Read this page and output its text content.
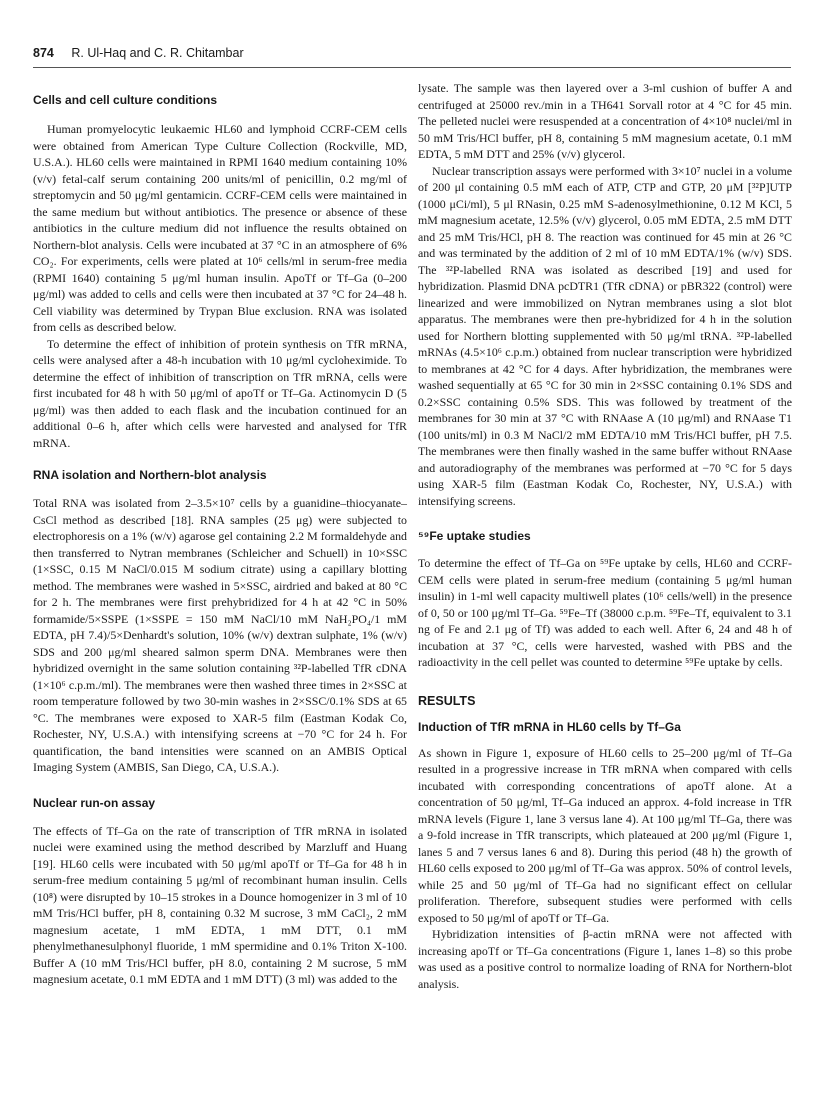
874 R. Ul-Haq and C. R. Chitambar
Cells and cell culture conditions

Human promyelocytic leukaemic HL60 and lymphoid CCRF-CEM cells were obtained from American Type Culture Collection (Rockville, MD, U.S.A.). HL60 cells were maintained in RPMI 1640 medium containing 10% (v/v) fetal-calf serum containing 200 units/ml of penicillin, 0.2 mg/ml of streptomycin and 50 μg/ml gentamicin. CCRF-CEM cells were maintained in the same medium but without antibiotics. The presence or absence of these antibiotics in the culture medium did not influence the results obtained on Northern-blot analysis. Cells were incubated at 37 °C in an atmosphere of 6% CO₂. For experiments, cells were plated at 10⁶ cells/ml in serum-free media (RPMI 1640) containing 5 μg/ml human insulin. ApoTf or Tf–Ga (0–200 μg/ml) was added to cells and cells were then incubated at 37 °C for 24–48 h. Cell viability was determined by Trypan Blue exclusion. RNA was isolated from cells as described below.

To determine the effect of inhibition of protein synthesis on TfR mRNA, cells were analysed after a 48-h incubation with 10 μg/ml cycloheximide. To determine the effect of inhibition of transcription on TfR mRNA, cells were first incubated for 48 h with 50 μg/ml of apoTf or Tf–Ga. Actinomycin D (5 μg/ml) was then added to each flask and the incubation continued for an additional 0–6 h, after which cells were harvested and analysed for TfR mRNA.

RNA isolation and Northern-blot analysis

Total RNA was isolated from 2–3.5×10⁷ cells by a guanidine–thiocyanate–CsCl method as described [18]. RNA samples (25 μg) were subjected to electrophoresis on a 1% (w/v) agarose gel containing 2.2 M formaldehyde and then transferred to Nytran membranes (Schleicher and Schuell) in 10×SSC (1×SSC, 0.15 M NaCl/0.015 M sodium citrate) using a capillary blotting method. The membranes were washed in 5×SSC, airdried and baked at 80 °C for 2 h. The membranes were first prehybridized for 4 h at 42 °C in 50% formamide/5×SSPE (1×SSPE = 150 mM NaCl/10 mM NaH₂PO₄/1 mM EDTA, pH 7.4)/5×Denhardt's solution, 10% (w/v) dextran sulphate, 1% (w/v) SDS and 200 μg/ml sheared salmon sperm DNA. Membranes were then hybridized overnight in the same solution containing ³²P-labelled TfR cDNA (1×10⁶ c.p.m./ml). The membranes were then washed three times in 2×SSC at room temperature followed by two 30-min washes in 2×SSC/0.1% SDS at 65 °C. The membranes were exposed to XAR-5 film (Eastman Kodak Co, Rochester, NY, U.S.A.) with intensifying screens at −70 °C for 24 h. For quantification, the band intensities were scanned on an AMBIS Optical Imaging System (AMBIS, San Diego, CA, U.S.A.).

Nuclear run-on assay

The effects of Tf–Ga on the rate of transcription of TfR mRNA in isolated nuclei were examined using the method described by Marzluff and Huang [19]. HL60 cells were incubated with 50 μg/ml apoTf or Tf–Ga for 48 h in serum-free medium containing 5 μg/ml of recombinant human insulin. Cells (10⁸) were disrupted by 10–15 strokes in a Dounce homogenizer in 3 ml of 10 mM Tris/HCl buffer, pH 8, containing 0.32 M sucrose, 3 mM CaCl₂, 2 mM magnesium acetate, 1 mM EDTA, 1 mM DTT, 0.1 mM phenylmethanesulphonyl fluoride, 1 mM spermidine and 0.1% Triton X-100. Buffer A (10 mM Tris/HCl buffer, pH 8.0, containing 2 M sucrose, 5 mM magnesium acetate, 0.1 mM EDTA and 1 mM DTT) (3 ml) was added to the

lysate. The sample was then layered over a 3-ml cushion of buffer A and centrifuged at 25000 rev./min in a TH641 Sorvall rotor at 4 °C for 45 min. The pelleted nuclei were resuspended at a concentration of 4×10⁸ nuclei/ml in 50 mM Tris/HCl buffer, pH 8, containing 5 mM magnesium acetate, 0.1 mM EDTA, 5 mM DTT and 25% (v/v) glycerol.

Nuclear transcription assays were performed with 3×10⁷ nuclei in a volume of 200 μl containing 0.5 mM each of ATP, CTP and GTP, 20 μM [³²P]UTP (1000 μCi/ml), 5 μl RNasin, 0.25 mM S-adenosylmethionine, 0.12 M KCl, 5 mM magnesium acetate, 12.5% (v/v) glycerol, 0.05 mM EDTA, 2.5 mM DTT and 25 mM Tris/HCl, pH 8. The reaction was continued for 45 min at 26 °C and was terminated by the addition of 2 ml of 10 mM EDTA/1% (w/v) SDS. The ³²P-labelled RNA was isolated as described [19] and used for hybridization. Plasmid DNA pcDTR1 (TfR cDNA) or pBR322 (control) were linearized and were immobilized on Nytran membranes using a slot blot apparatus. The membranes were then pre-hybridized for 4 h in the solution used for Northern blotting supplemented with 50 μg/ml tRNA. ³²P-labelled mRNAs (4.5×10⁶ c.p.m.) obtained from nuclear transcription were hybridized to membranes at 42 °C for 4 days. After hybridization, the membranes were washed sequentially at 65 °C for 30 min in 2×SSC containing 0.1% SDS and 0.2×SSC containing 0.5% SDS. This was followed by treatment of the membranes for 30 min at 37 °C with RNAase A (10 μg/ml) and RNAase T1 (100 units/ml) in 0.3 M NaCl/2 mM EDTA/10 mM Tris/HCl buffer, pH 7.5. The membranes were then finally washed in the same buffer without RNAase and autoradiography of the membranes was performed at −70 °C for 5 days using XAR-5 film (Eastman Kodak Co, Rochester, NY, U.S.A.) with intensifying screens.

⁵⁹Fe uptake studies

To determine the effect of Tf–Ga on ⁵⁹Fe uptake by cells, HL60 and CCRF-CEM cells were plated in serum-free medium (containing 5 μg/ml human insulin) in 1-ml well capacity multiwell plates (10⁶ cells/well) in the presence of 0, 50 or 100 μg/ml Tf–Ga. ⁵⁹Fe–Tf (38000 c.p.m. ⁵⁹Fe–Tf, equivalent to 3.1 ng of Fe and 2.1 μg of Tf) was added to each well. After 6, 24 and 48 h of incubation at 37 °C, cells were harvested, washed with PBS and the radioactivity in the cell pellet was counted to determine ⁵⁹Fe uptake by cells.

RESULTS
Induction of TfR mRNA in HL60 cells by Tf–Ga

As shown in Figure 1, exposure of HL60 cells to 25–200 μg/ml of Tf–Ga resulted in a progressive increase in TfR mRNA when compared with cells incubated with corresponding concentrations of apoTf alone. At a concentration of 50 μg/ml, Tf–Ga induced an approx. 4-fold increase in TfR mRNA levels (Figure 1, lane 3 versus lane 4). At 100 μg/ml Tf–Ga, there was a 9-fold increase in TfR transcripts, which plateaued at 200 μg/ml (Figure 1, lanes 5 and 7 versus lanes 6 and 8). During this period (48 h) the growth of HL60 cells exposed to 200 μg/ml of Tf–Ga was approx. 50% of control levels, while 25 and 50 μg/ml of Tf–Ga had no significant effect on cellular proliferation. Therefore, subsequent studies were performed with cells exposed to 50 μg/ml of apoTf or Tf–Ga.

Hybridization intensities of β-actin mRNA were not affected with increasing apoTf or Tf–Ga concentrations (Figure 1, lanes 1–8) so this probe was used as a positive control to normalize loading of RNA for Northern-blot analysis.
